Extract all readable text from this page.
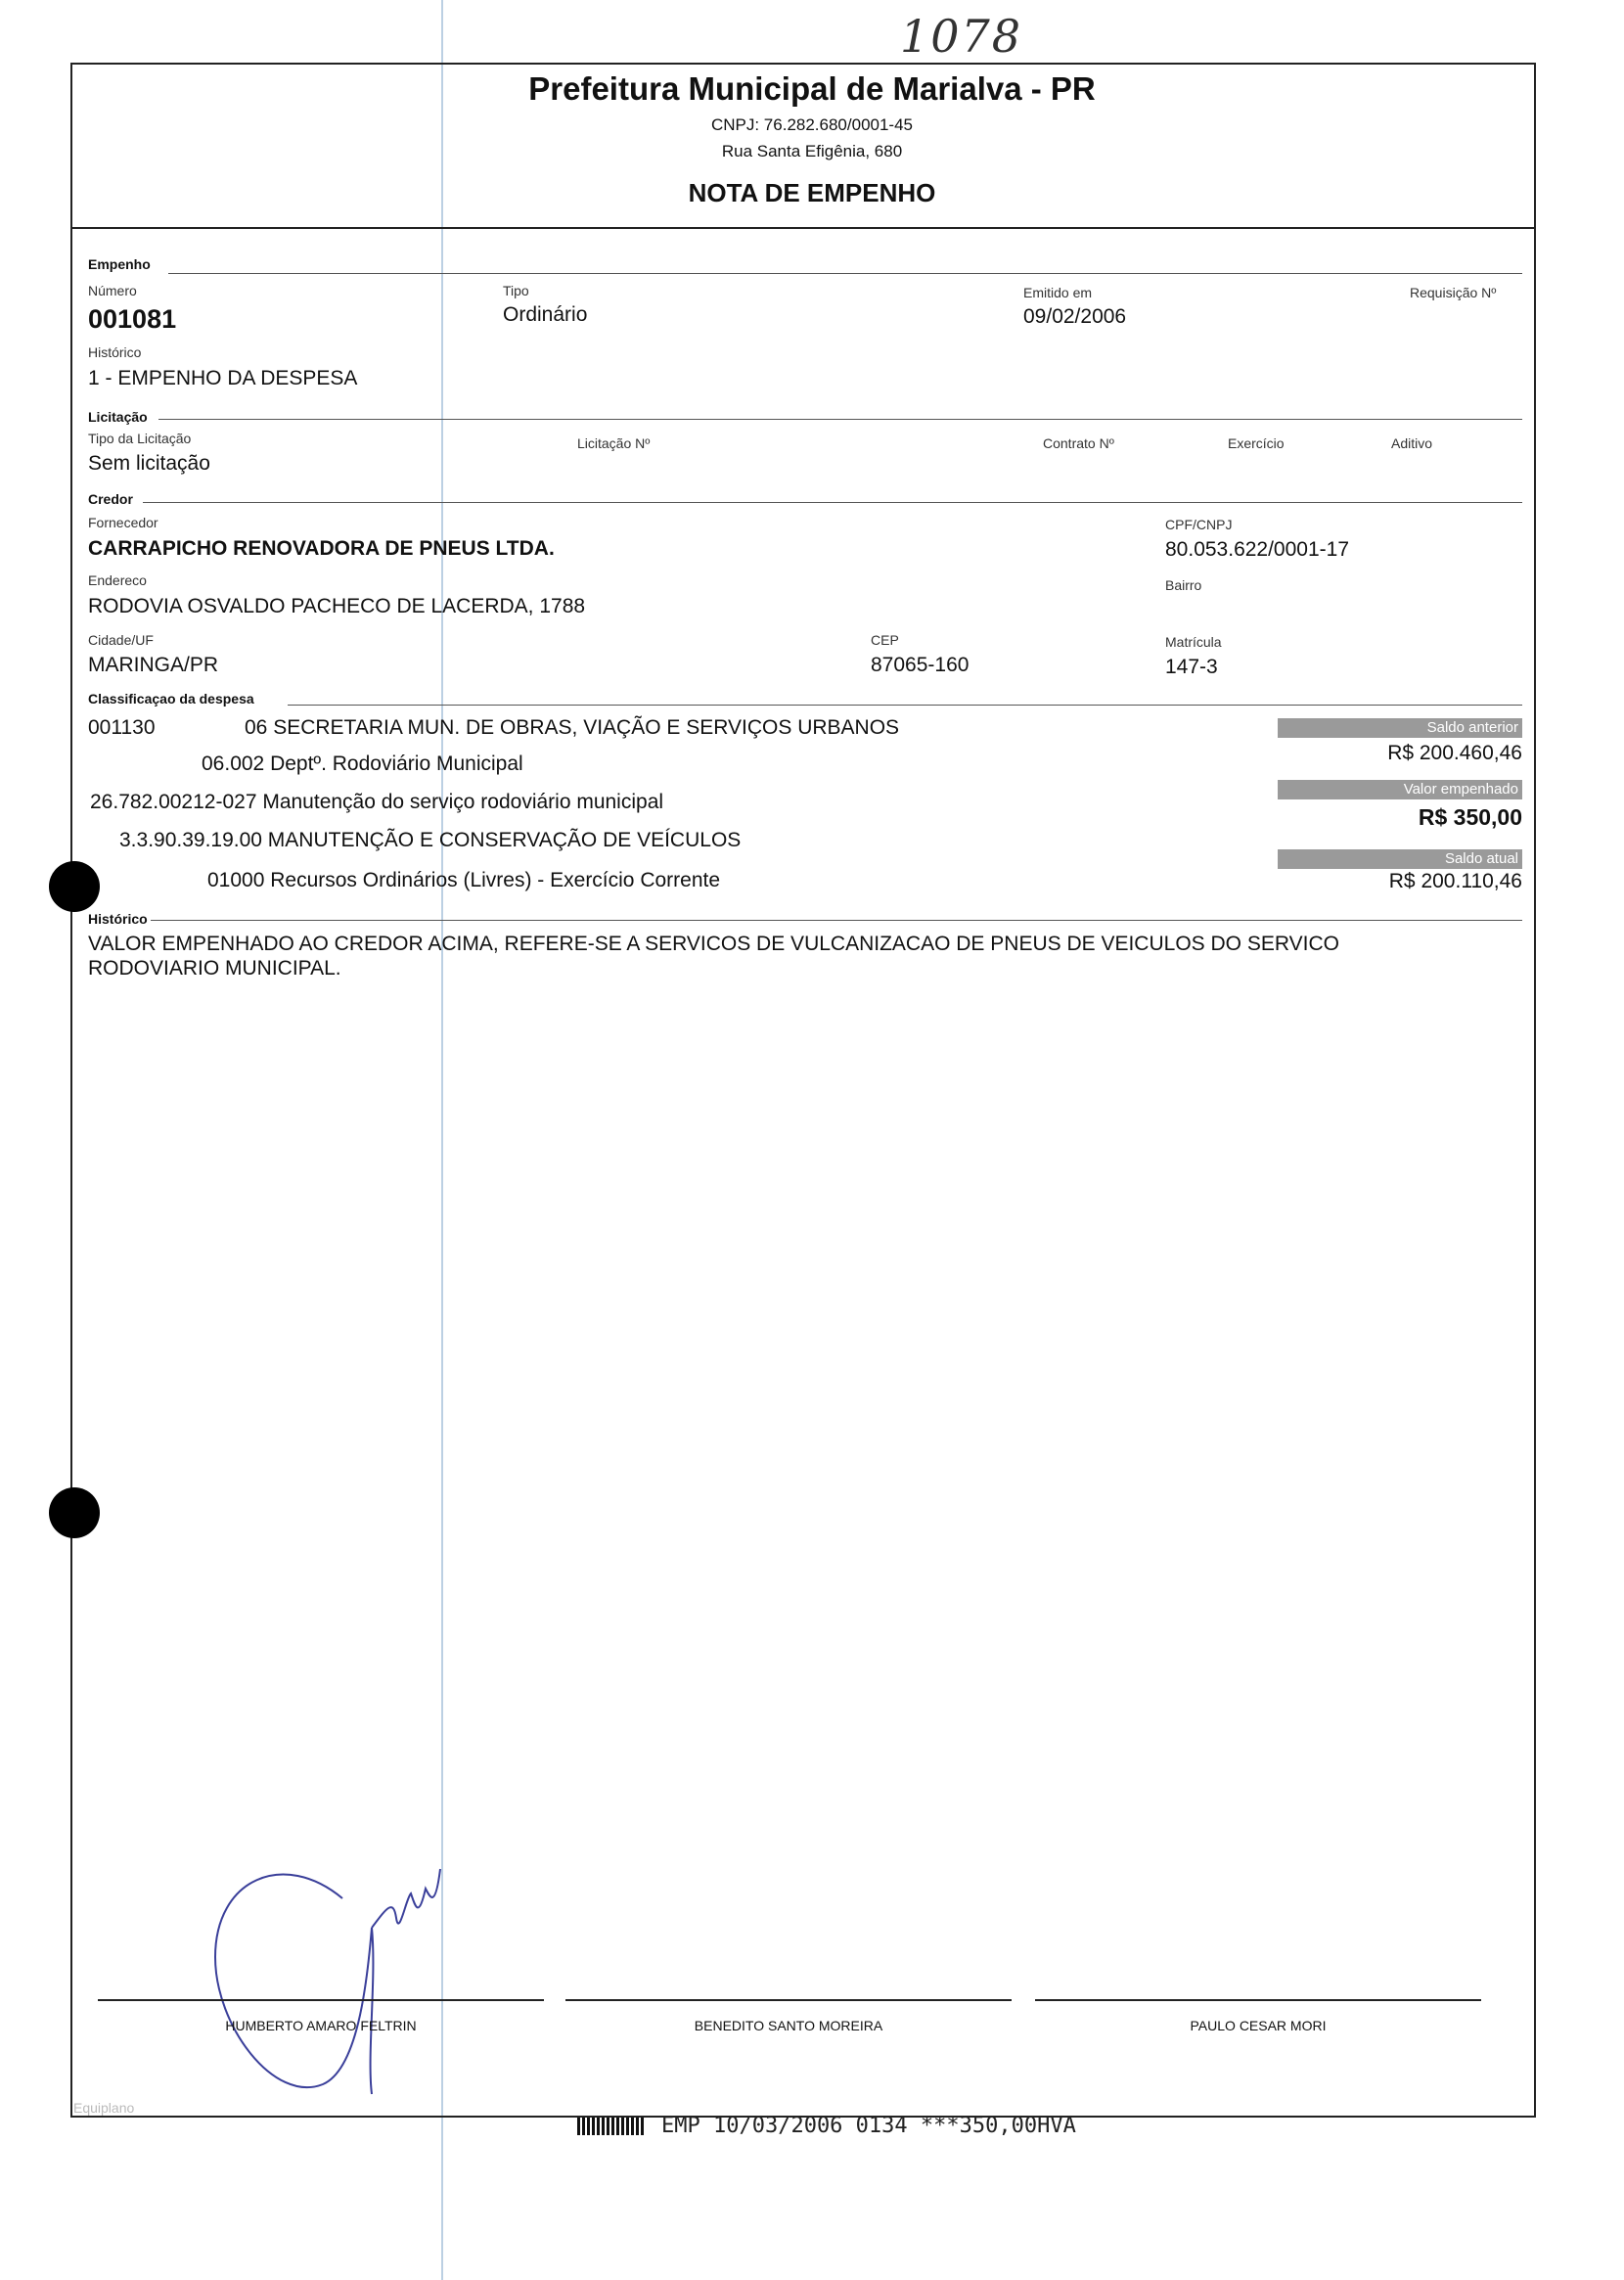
1078
Prefeitura Municipal de Marialva - PR
CNPJ: 76.282.680/0001-45
Rua Santa Efigênia, 680
NOTA DE EMPENHO
Empenho
Número
001081
Tipo
Ordinário
Emitido em
09/02/2006
Requisição Nº
Histórico
1 - EMPENHO DA DESPESA
Licitação
Tipo da Licitação
Sem licitação
Licitação Nº	Contrato Nº	Exercício	Aditivo
Credor
Fornecedor
CARRAPICHO RENOVADORA DE PNEUS LTDA.
CPF/CNPJ
80.053.622/0001-17
Endereco
RODOVIA OSVALDO PACHECO DE LACERDA, 1788
Bairro
Cidade/UF
MARINGA/PR
CEP
87065-160
Matrícula
147-3
Classificaçao da despesa
001130	06 SECRETARIA MUN. DE OBRAS, VIAÇÃO E SERVIÇOS URBANOS
06.002 Deptº. Rodoviário Municipal
26.782.00212-027 Manutenção do serviço rodoviário municipal
3.3.90.39.19.00 MANUTENÇÃO E CONSERVAÇÃO DE VEÍCULOS
01000 Recursos Ordinários (Livres) - Exercício Corrente
Saldo anterior
R$ 200.460,46
Valor empenhado
R$ 350,00
Saldo atual
R$ 200.110,46
Histórico
VALOR EMPENHADO AO CREDOR ACIMA, REFERE-SE A SERVICOS DE VULCANIZACAO DE PNEUS DE VEICULOS DO SERVICO
RODOVIARIO MUNICIPAL.
HUMBERTO AMARO FELTRIN	BENEDITO SANTO MOREIRA	PAULO CESAR MORI
Equiplano
EMP 10/03/2006 0134 ***350,00HVA
